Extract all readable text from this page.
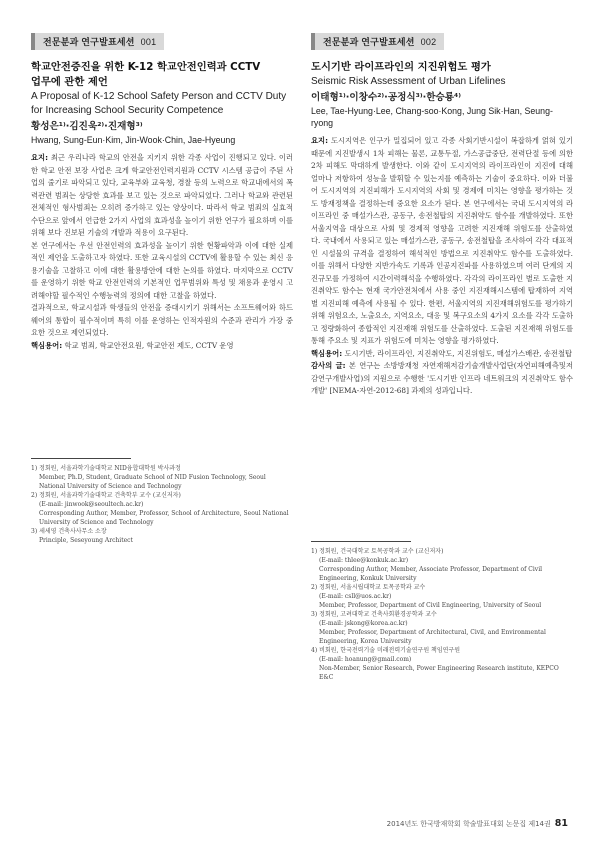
전문분과 연구발표세션 001
학교안전증진을 위한 K-12 학교안전인력과 CCTV
업무에 관한 제언
A Proposal of K-12 School Safety Person and CCTV Duty
for Increasing School Security Competence
황성은¹⁾·김진욱²⁾·진재형³⁾
Hwang, Sung-Eun·Kim, Jin-Wook·Chin, Jae-Hyeung

요지: 최근 우리나라 학교의 안전을 지키지 위한 각종 사업이 진행되고 있다. 이러한 학교 안전 보장 사업은 크게 학교안전인력지원과 CCTV 시스템 공급이 주된 사업의 줄기로 파악되고 있다, 교육부와 교육청, 경찰 등의 노력으로 학교내에서의 폭력관련 범죄는 상당한 효과를 보고 있는 것으로 파악되었다. 그러나 학교와 관련된 전체적인 형사범죄는 오히려 증가하고 있는 양상이다. 따라서 학교 범죄의 실효적 수단으로 앞에서 언급한 2가지 사업의 효과성을 높이기 위한 연구가 필요하며 이를 위해 보다 진보된 기술의 개발과 적용이 요구된다.

본 연구에서는 우선 안전인력의 효과성을 높이기 위한 현황파악과 이에 대한 실제적인 제언을 도출하고자 하였다. 또한 교육시설의 CCTV에 활용할 수 있는 최신 응용기술을 고찰하고 이에 대한 활용방안에 대한 논의를 하였다. 마지막으로 CCTV를 운영하기 위한 학교 안전인력의 기본적인 업무범위와 특성 및 채용과 운영시 고려해야할 필수적인 수행능력의 정의에 대한 고찰을 하였다.

결과적으로, 학교시설과 학생들의 안전을 증대시키기 위해서는 소프트웨어와 하드웨어의 통합이 필수적이며 특히 이를 운영하는 인적자원의 수준과 관리가 가장 중요한 것으로 제언되었다.

핵심용어: 학교 범죄, 학교안전요원, 학교안전 제도, CCTV 운영

1) 정회원, 서울과학기술대학교 NID융합대학원 박사과정

Member, Ph.D, Student, Graduate School of NID Fusion Technology, Seoul National University of Science and Technology

2) 정회원, 서울과학기술대학교 건축학부 교수 (교신저자)

(E-mail: jinwook@seoultech.ac.kr)

Corresponding Author, Member, Professor, School of Architecture, Seoul National University of Science and Technology

3) 세세영 건축사사무소 소장

Principle, Seseyoung Architect

전문분과 연구발표세션 002
도시기반 라이프라인의 지진위험도 평가
Seismic Risk Assessment of Urban Lifelines
이태형¹⁾·이창수²⁾·공정식³⁾·한승룡⁴⁾
Lee, Tae-Hyung·Lee, Chang-soo·Kong, Jung Sik·Han, Seung-ryong

요지: 도시지역은 인구가 밀집되어 있고 각종 사회기반시설이 복잡하게 얽혀 있기 때문에 지진발생시 1차 피해는 물론, 교통두절, 가스공급중단, 전력단절 등에 의한 2차 피해도 막대하게 발생한다. 이와 같이 도시지역의 라이프라인이 지진에 대해 얼마나 저항하여 성능을 발휘할 수 있는지를 예측하는 기술이 중요하다. 이와 더불어 도시지역의 지진피해가 도시지역의 사회 및 경제에 미치는 영향을 평가하는 것도 방재정책을 결정하는데 중요한 요소가 된다. 본 연구에서는 국내 도시지역의 라이프라인 중 매설가스관, 공동구, 송전철탑의 지진취약도 함수를 개발하였다. 또한 서울지역을 대상으로 사회 및 경제적 영향을 고려한 지진재해 위험도를 산출하였다. 국내에서 사용되고 있는 매설가스관, 공동구, 송전철탑을 조사하여 각각 대표적인 시설물의 규격을 결정하여 해석적인 방법으로 지진취약도 함수를 도출하였다. 이를 위해서 다양한 지반가속도 기록과 인공지진파를 사용하였으며 여러 단계의 지진규모를 가정하여 시간이력해석을 수행하였다. 각각의 라이프라인 별로 도출한 지진취약도 함수는 현재 국가안전처에서 사용 중인 지진재해시스템에 탑재하여 지역별 지진피해 예측에 사용될 수 있다. 한편, 서울지역의 지진재해위험도를 평가하기 위해 위험요소, 노출요소, 지역요소, 대응 및 복구요소의 4가지 요소를 각각 도출하고 정량화하여 종합적인 지진재해 위험도를 산출하였다. 도출된 지진재해 위험도를 통해 주요소 및 지표가 위험도에 미치는 영향을 평가하였다.

핵심용어: 도시기반, 라이프라인, 지진취약도, 지진위험도, 매설가스배관, 송전철탑

감사의 글: 본 연구는 소방방재청 자연재해저감기술개발사업단(자연피해예측및저감연구개발사업)의 지원으로 수행한 '도시기반 인프라 네트워크의 지진취약도 함수 개발' [NEMA-자연-2012-68] 과제의 성과입니다.

1) 정회원, 건국대학교 토목공학과 교수 (교신저자)

(E-mail: thlee@konkuk.ac.kr)

Corresponding Author, Member, Associate Professor, Department of Civil Engineering, Konkuk University

2) 정회원, 서울시립대학교 토목공학과 교수

(E-mail: csll@uos.ac.kr)

Member, Professor, Department of Civil Engineering, University of Seoul

3) 정회원, 고려대학교 건축사회환경공학과 교수

(E-mail: jskong@korea.ac.kr)

Member, Professor, Department of Architectural, Civil, and Environmental Engineering, Korea University

4) 비회원, 한국전력기술 미래전력기술연구원 책임연구원

(E-mail: hoanung@gmail.com)

Non-Member, Senior Research, Power Engineering Research institute, KEPCO E&C

2014년도 한국방재학회 학술발표대회 논문집 제14권 81
